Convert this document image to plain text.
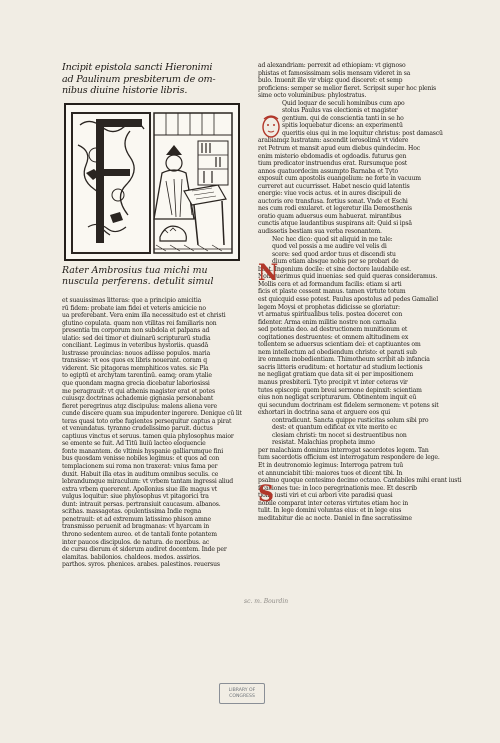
Incipit epistola sancti Hieronimi
ad Paulinum presbiterum de om-
nibus diuine historie libris.
Rater Ambrosius tua michi mu
nuscula perferens. detulit simul
et suauissimas litteras: que a principio amicitia
rū fidem: probate iam fidei et veteris amicicie no
ua preferebant. Vera enim illa necessitudo est et christi
glutino copulata. quam non vtilitas rei familiaris non
presentia tm corporum non subdola et palpans ad
ulatio: sed dei timor et diuinarū scripturarū studia
conciliant. Legimus in veteribus hystoriis. quasdā
lustrasse prouincias: nouos adiisse populos. maria
transisse: vt eos quos ex libris nouerant. coram q
viderent. Sic pitagoras memphiticos vates. sic Pla
to egiptū et archytam tarentinū. eamq; oram ytalie
que quondam magna grecia dicebatur laboriosissi
me peragrauit: vt qui athenis magister erat et potes
cuiusqz doctrinas achademie gignasia personabant
fieret peregrinus atqz discipulus: malens aliena vere
cunde discere quam sua impudenter ingerere. Denique cū lit
teras quasi toto orbe fugientes persequitur captus a pirat
et venundatus. tyranno crudelissimo paruit. ductus
captiuus vinctus et seruus. tamen quia phylosophus maior
se emente se fuit. Ad Titū liuiū lacteo eloquencie
fonte manantem. de vltimis hyspanie galliarumque fini
bus quosdam venisse nobiles legimus: et quos ad con
templacionem sui roma non traxerat: vnius fama per
duxit. Habuit illa etas in auditum omnibus seculis. ce
lebrandumque miraculum: vt vrbem tantam ingressi aliud
extra vrbem quererent. Apollonius siue ille magus vt
vulgus loquitur: siue phylosophus vt pitagorici tra
dunt: intrauit persas. pertransiuit caucasum. albanos.
scithas. massagetas. opulentissima Indie regna
penetrauit: et ad extremum latissimo phison amne
transmisso peruenit ad bragmanas: vt hyarcam in
throno sedentem aureo. et de tantali fonte potantem
inter paucos discipulos. de natura. de moribus. ac
de cursu dierum et siderum audiret docentem. Inde per
elamitas. babilonios. chaldeos. medos. assirios.
parthos. syros. phenices. arabes. palestinos. reuersus
ad alexandriam: perrexit ad ethiopiam: vt gignoso
phistas et famosissimam solis mensam videret in sa
bulo. Inuenit ille vir vbiqz quod disceret: et semp
proficiens: semper se melior fieret. Scripsit super hoc plenis
sime octo voluminibus: phylostratus.
Quid loquar de seculi hominibus cum apo
stolus Paulus vas electionis et magister
gentium. qui de conscientia tanti in se ho
spitis loquebatur dicens: an experimentū
queritis eius qui in me loquitur christus: post damascū
arabiamqz lustratam: ascendit ierosolimā vt videre
ret Petrum et mansit apud eum diebus quindecim. Hoc
enim misterio ebdomadis et ogdoadis. futurus gen
tium predicator instruendus erat. Rursumque post
annos quatuordecim assumpto Barnaba et Tyto
exposuit cum apostolis euangelium: ne forte in vacuum
curreret aut cucurrisset. Habet nescio quid latentis
energie: viue vocis actus. et in aures discipuli de
auctoris ore transfusa. fortius sonat. Vnde et Eschi
nes cum rodi exularet. et legeretur illa Demosthenis
oratio quam aduersus eum habuerat. mirantibus
cunctis atque laudantibus suspirans ait: Quid si ipsā
audissetis bestiam sua verba resonantem.
Nec hec dico: quod sit aliquid in me tale:
quod vel possis a me audire vel velis di
scere: sed quod ardor tuus et discendi stu
dium etiam absque nobis per se probari de
beat. Ingenium docile: et sine doctore laudabile est.
Non querimus quid inuenias: sed quid queras consideramus.
Mollis cera et ad formandum facilis: etiam si arti
ficis et plaste cessent manus. tamen virtute totum
est quicquid esse potest. Paulus apostolus ad pedes Gamaliel
legem Moysi et prophetas didicisse se gloriatur:
vt armatus spiritualibus telis. postea doceret con
fidenter. Arma enim militie nostre non carnalia
sed potentia deo. ad destructionem munitionum et
cogitationes destruentes: et omnem altitudinem ex
tollentem se aduersus scientiam dei: et captiuantes om
nem intellectum ad obediendum christo: et parati sub
ire omnem inobedientiam. Thimotheum scribit ab infancia
sacris litteris eruditum: et hortatur ad studium lectionis
ne negligat gratiam que data sit ei per impositionem
manus presbiterii. Tyto precipit vt inter ceteras vir
tutes episcopi: quem breui sermone depinxit: scientiam
eius non negligat scripturarum. Obtinentem inquit eū
qui secundum doctrinam est fidelem sermonem: vt potens sit
exhortari in doctrina sana et arguere eos qui
contradicunt. Sancta quippe rusticitas solum sibi pro
dest: et quantum edificat ex vite merito ec
clesiam christi: tm nocet si destruentibus non
resistat. Malachias propheta immo
per malachiam dominus interrogat sacerdotes legem. Tan
tum sacerdotis officium est interrogatum respondere de lege.
Et in deutronomio legimus: Interroga patrem tuū
et annunciabit tibi: maiores tuos et dicent tibi. In
psalmo quoque centesimo decimo octauo. Cantabiles mihi erant iusti
ficaciones tue: in loco peregrinationis mee. Et describ
tione iusti viri et cui arbori vite paradisi quasi
nobile comparat inter ceteras virtutes etiam hoc in
tulit. In lege domini voluntas eius: et in lege eius
meditabitur die ac nocte. Daniel in fine sacratissime
N
S
sc. m. Bourdin
LIBRARY OF
CONGRESS
